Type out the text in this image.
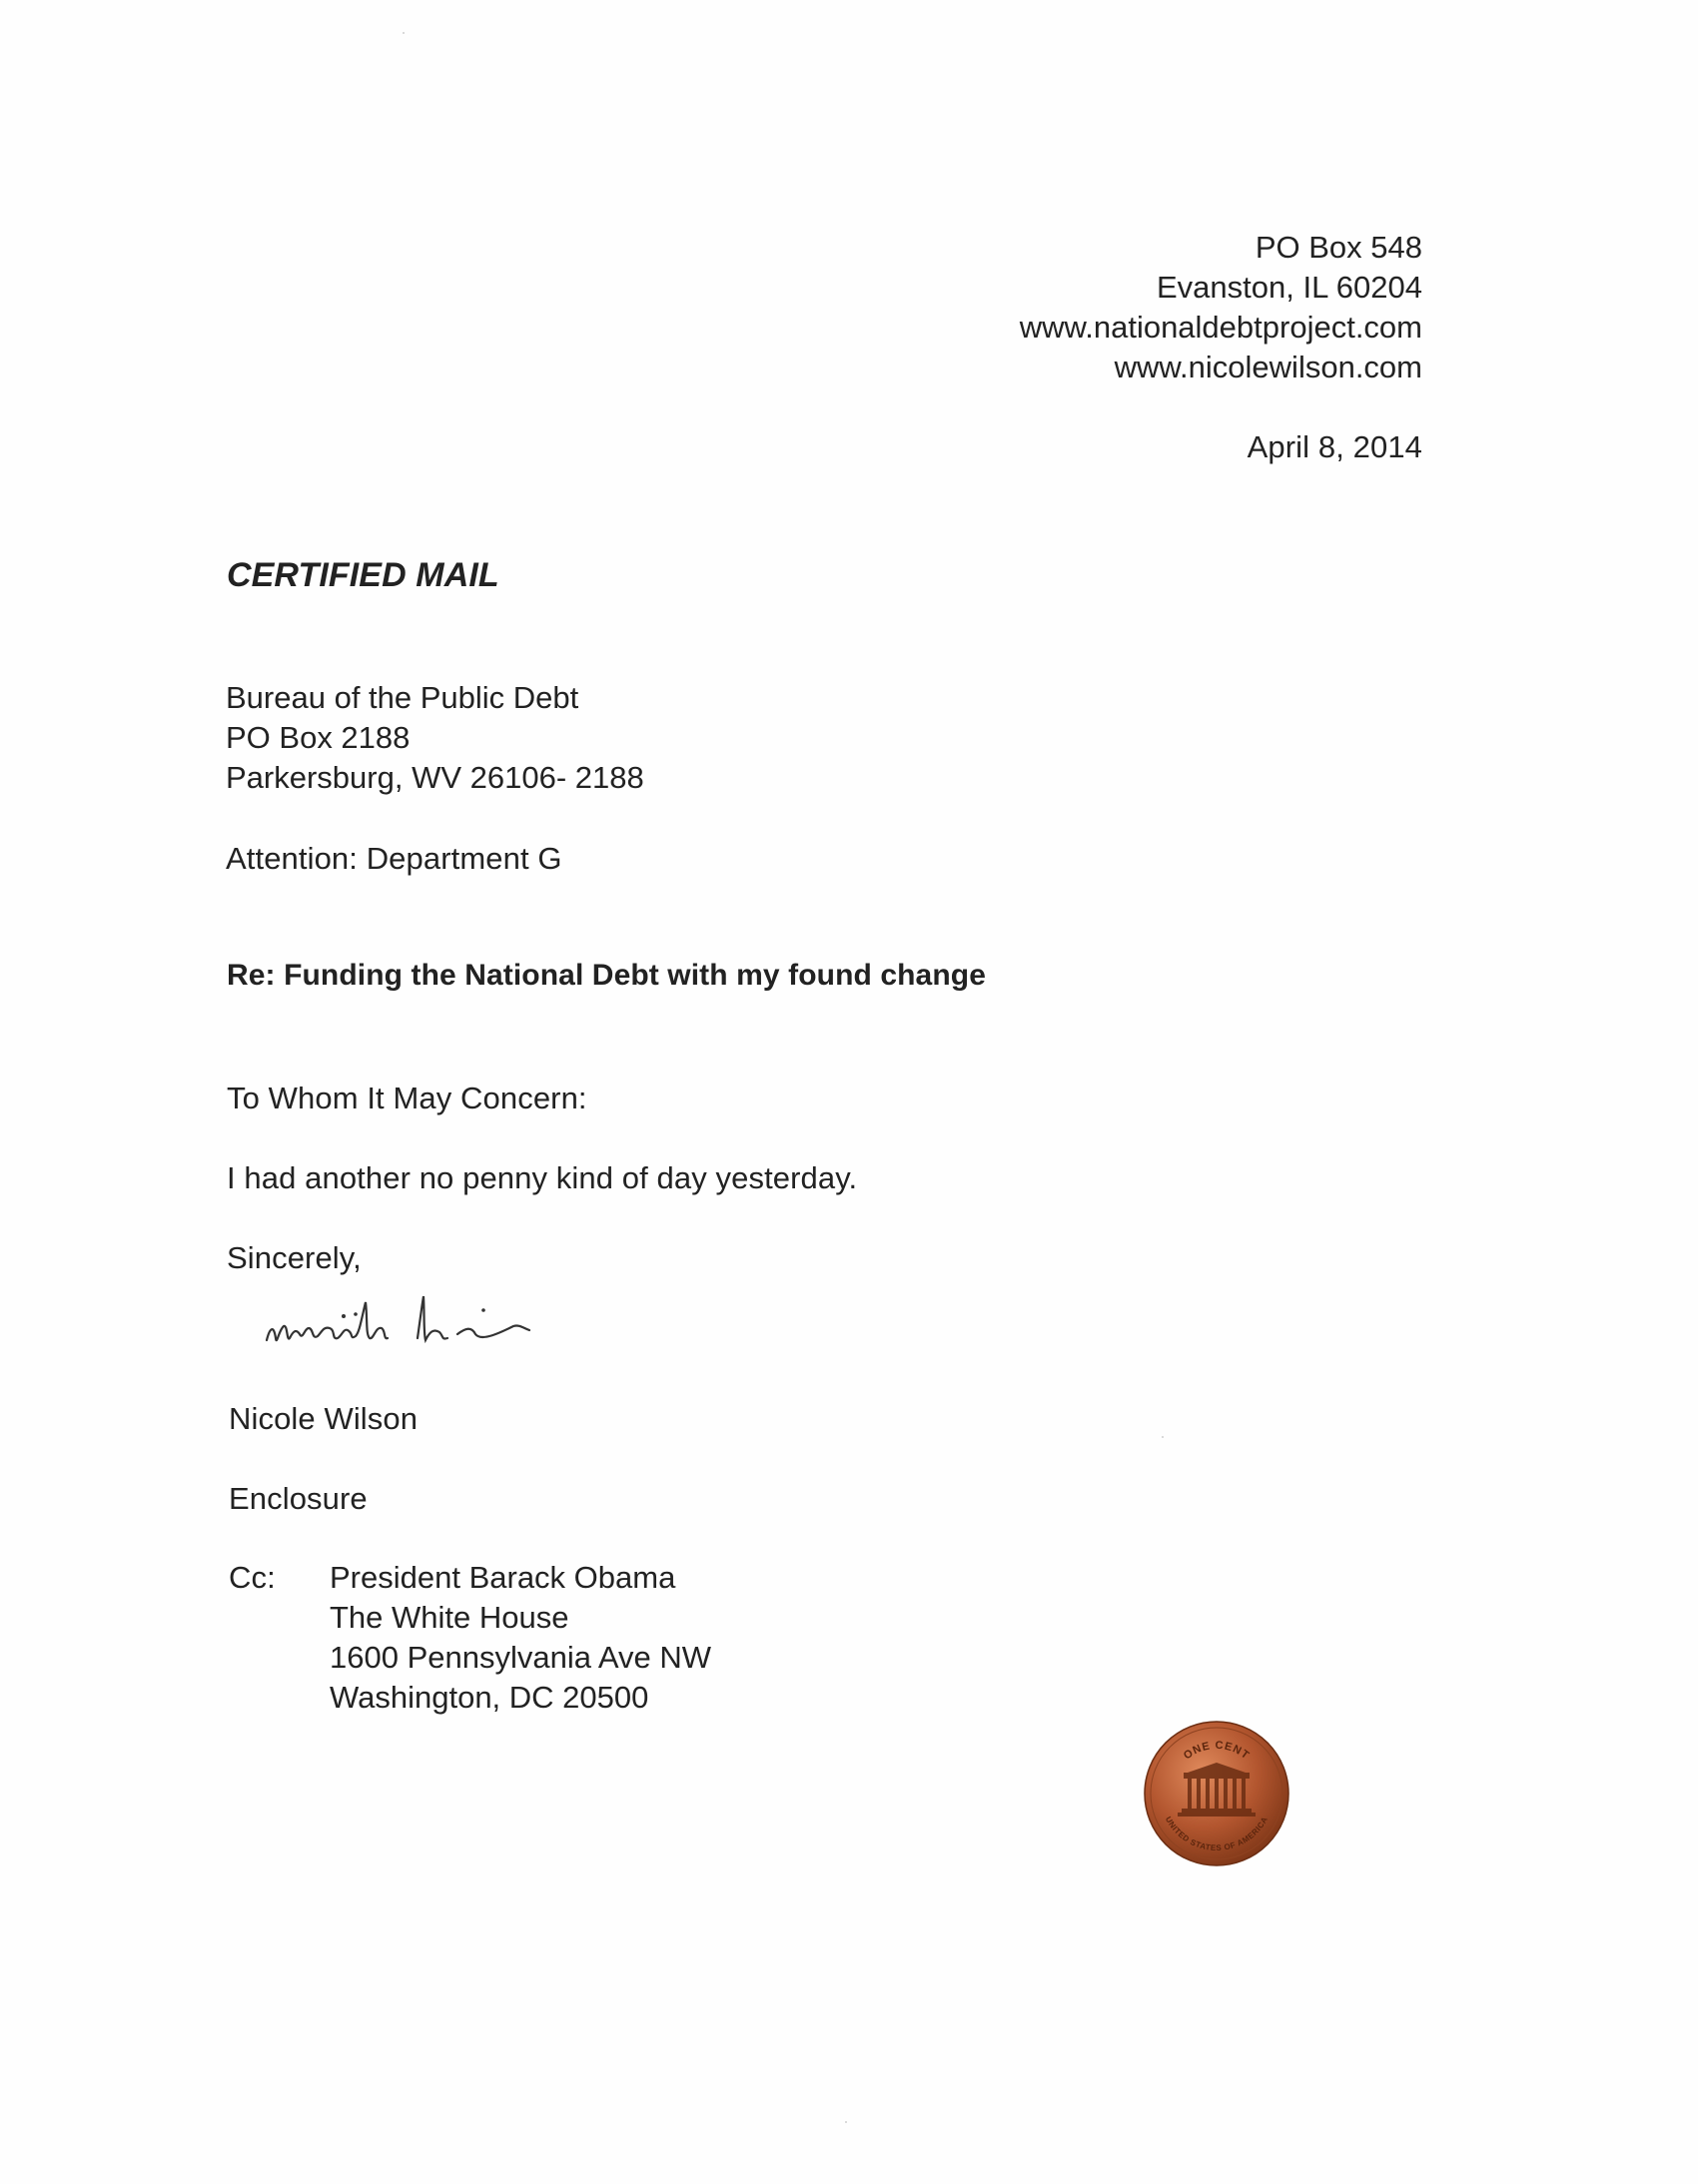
PO Box 548
Evanston, IL 60204
www.nationaldebtproject.com
www.nicolewilson.com
April 8, 2014
CERTIFIED MAIL
Bureau of the Public Debt
PO Box 2188
Parkersburg, WV 26106- 2188
Attention: Department G
Re: Funding the National Debt with my found change
To Whom It May Concern:
I had another no penny kind of day yesterday.
Sincerely,
Nicole Wilson
Enclosure
Cc: President Barack Obama
The White House
1600 Pennsylvania Ave NW
Washington, DC 20500
ONE CENT
UNITED STATES OF AMERICA
